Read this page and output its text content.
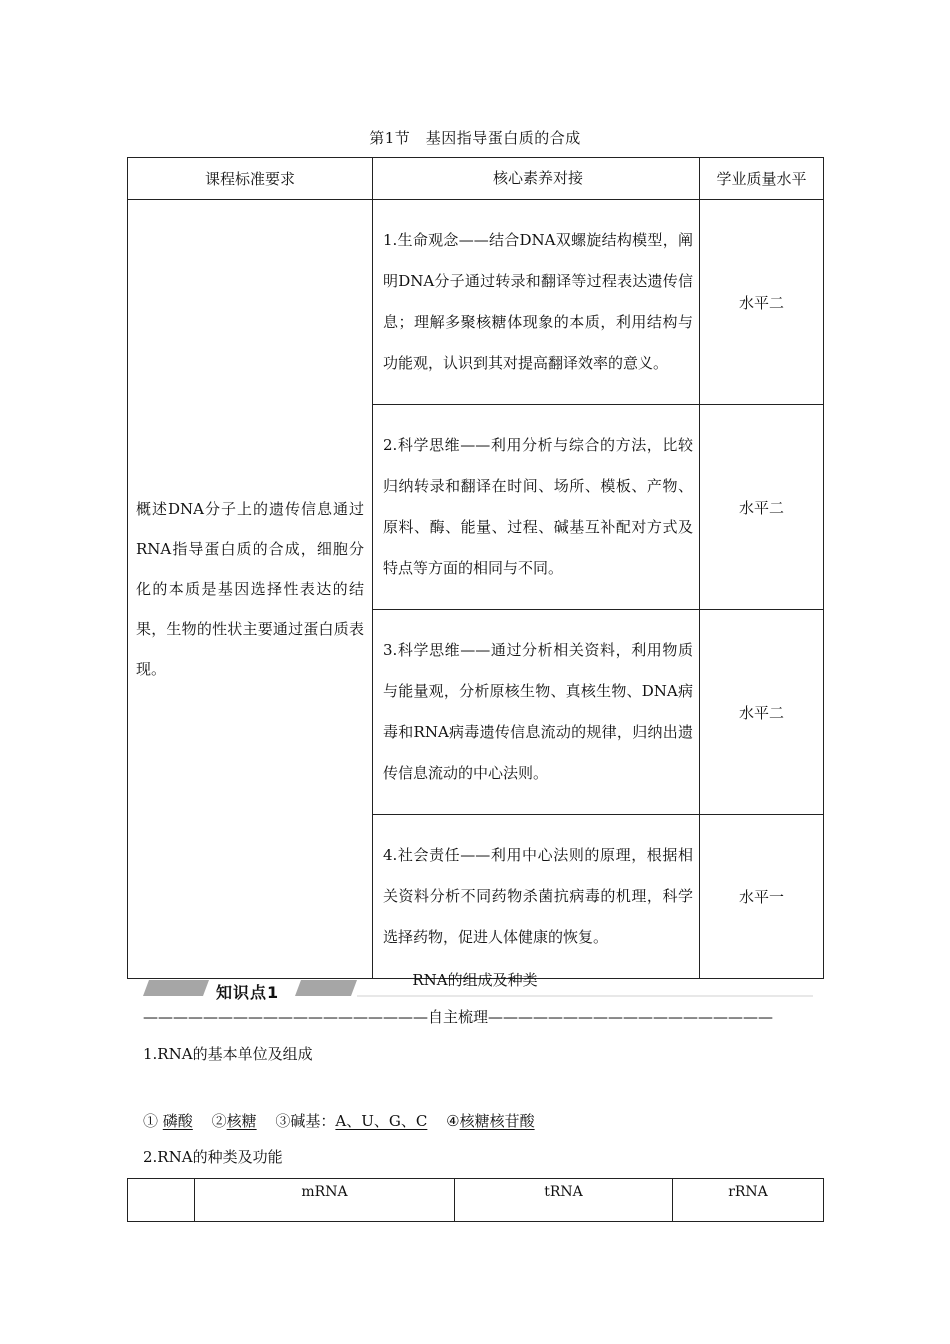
第1节　基因指导蛋白质的合成
课程标准要求	核心素养对接	学业质量水平
概述DNA分子上的遗传信息通过RNA指导蛋白质的合成，细胞分化的本质是基因选择性表达的结果，生物的性状主要通过蛋白质表现。	1.生命观念——结合DNA双螺旋结构模型，阐明DNA分子通过转录和翻译等过程表达遗传信息；理解多聚核糖体现象的本质，利用结构与功能观，认识到其对提高翻译效率的意义。	水平二
	2.科学思维——利用分析与综合的方法，比较归纳转录和翻译在时间、场所、模板、产物、原料、酶、能量、过程、碱基互补配对方式及特点等方面的相同与不同。	水平二
	3.科学思维——通过分析相关资料，利用物质与能量观，分析原核生物、真核生物、DNA病毒和RNA病毒遗传信息流动的规律，归纳出遗传信息流动的中心法则。	水平二
	4.社会责任——利用中心法则的原理，根据相关资料分析不同药物杀菌抗病毒的机理，科学选择药物，促进人体健康的恢复。	水平一
知识点1
RNA的组成及种类
———————————————————自主梳理———————————————————
1.RNA的基本单位及组成
① 磷酸 ②核糖 ③碱基：A、U、G、C ④核糖核苷酸
2.RNA的种类及功能
	mRNA	tRNA	rRNA
